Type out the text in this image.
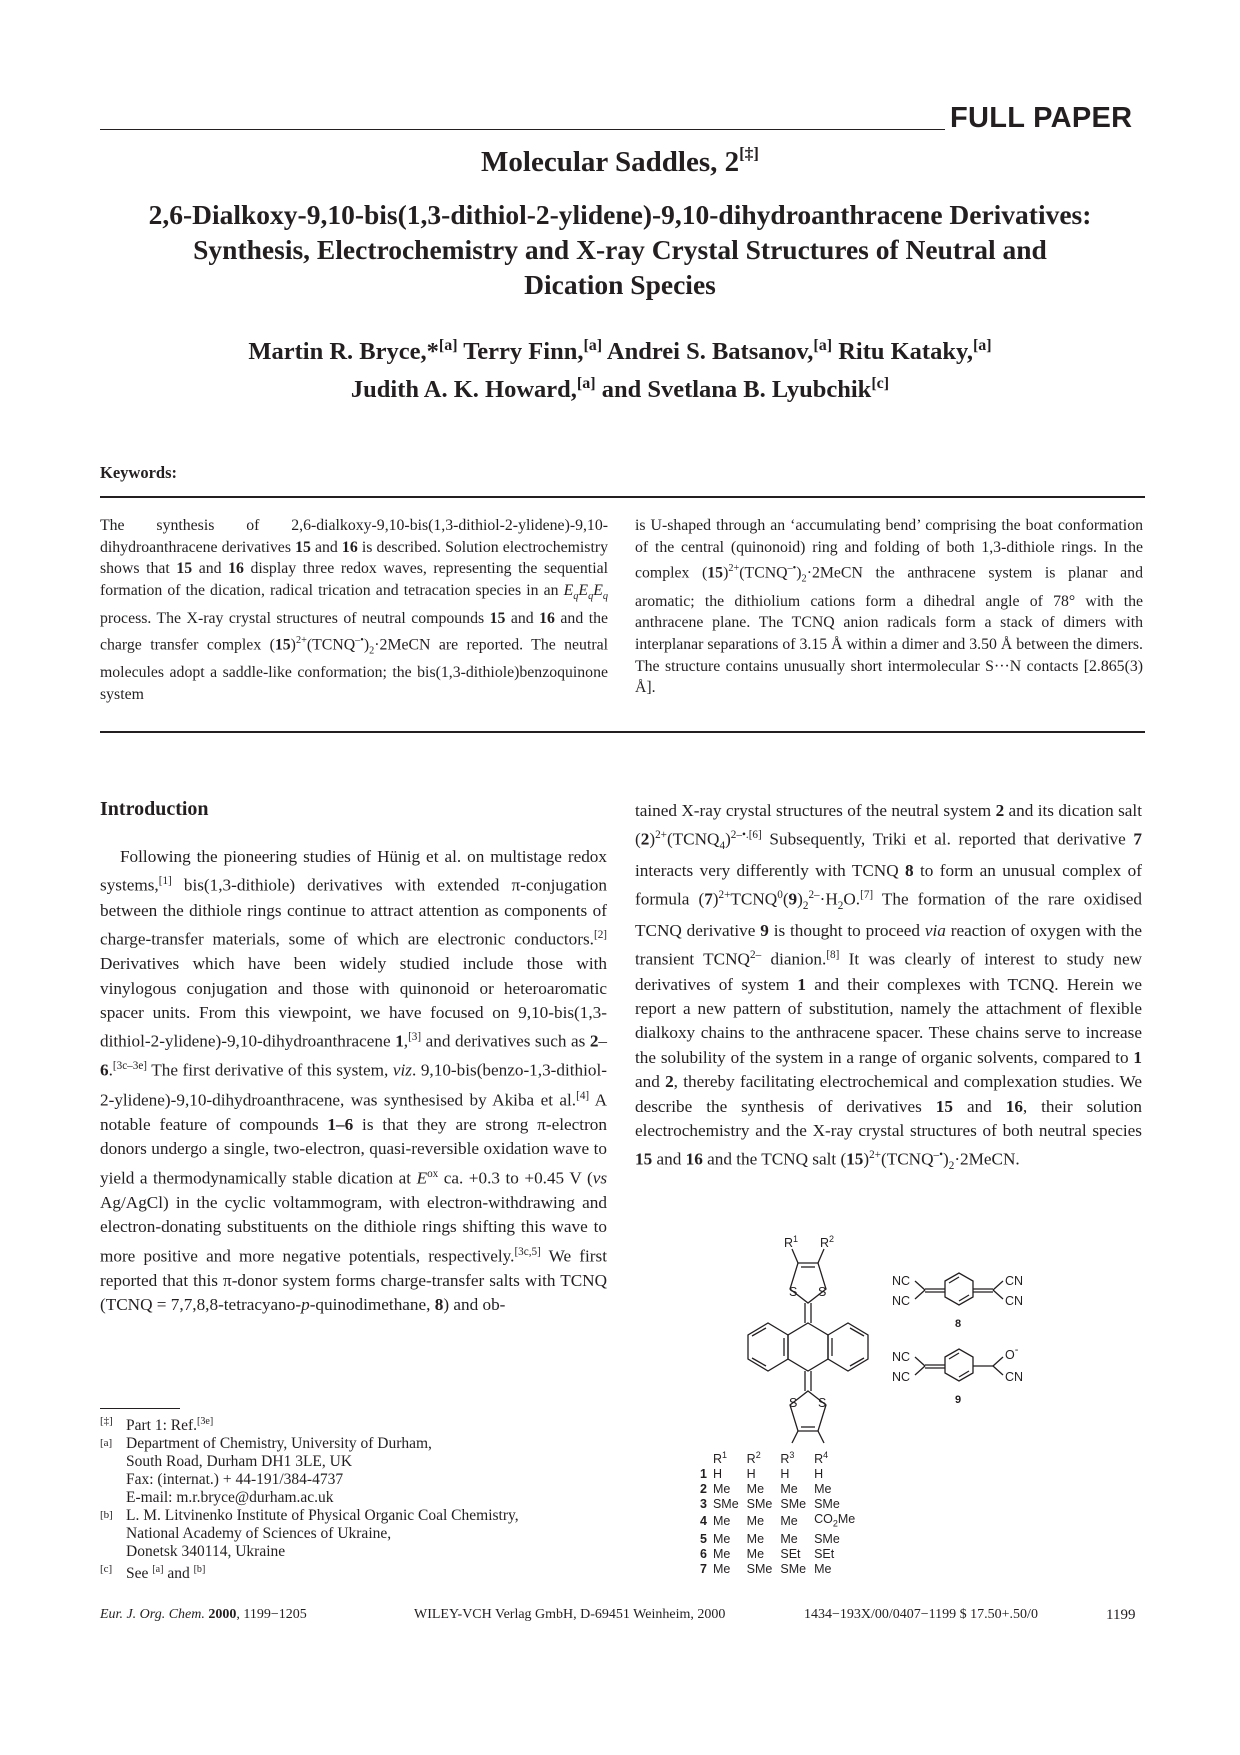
FULL PAPER
Molecular Saddles, 2[‡]
2,6-Dialkoxy-9,10-bis(1,3-dithiol-2-ylidene)-9,10-dihydroanthracene Derivatives:
Synthesis, Electrochemistry and X-ray Crystal Structures of Neutral and
Dication Species
Martin R. Bryce,*[a] Terry Finn,[a] Andrei S. Batsanov,[a] Ritu Kataky,[a]
Judith A. K. Howard,[a] and Svetlana B. Lyubchik[c]
Keywords:
The synthesis of 2,6-dialkoxy-9,10-bis(1,3-dithiol-2-ylidene)-9,10-dihydroanthracene derivatives 15 and 16 is described. Solution electrochemistry shows that 15 and 16 display three redox waves, representing the sequential formation of the dication, radical trication and tetracation species in an $E_qE_qE_q$ process. The X-ray crystal structures of neutral compounds 15 and 16 and the charge transfer complex $(15)^{2+}(TCNQ^{-•})_2\cdot 2MeCN$ are reported. The neutral molecules adopt a saddle-like conformation; the bis(1,3-dithiole)benzoquinone system
is U-shaped through an ‘accumulating bend’ comprising the boat conformation of the central (quinonoid) ring and folding of both 1,3-dithiole rings. In the complex $(15)^{2+}(TCNQ^{-•})_2\cdot 2MeCN$ the anthracene system is planar and aromatic; the dithiolium cations form a dihedral angle of 78° with the anthracene plane. The TCNQ anion radicals form a stack of dimers with interplanar separations of 3.15 Å within a dimer and 3.50 Å between the dimers. The structure contains unusually short intermolecular S···N contacts [2.865(3) Å].
Introduction

Following the pioneering studies of Hünig et al. on multistage redox systems,[1] bis(1,3-dithiole) derivatives with extended π-conjugation between the dithiole rings continue to attract attention as components of charge-transfer materials, some of which are electronic conductors.[2] Derivatives which have been widely studied include those with vinylogous conjugation and those with quinonoid or heteroaromatic spacer units. From this viewpoint, we have focused on 9,10-bis(1,3-dithiol-2-ylidene)-9,10-dihydroanthracene 1,[3] and derivatives such as 2–6.[3c–3e] The first derivative of this system, viz. 9,10-bis(benzo-1,3-dithiol-2-ylidene)-9,10-dihydroanthracene, was synthesised by Akiba et al.[4] A notable feature of compounds 1–6 is that they are strong π-electron donors undergo a single, two-electron, quasi-reversible oxidation wave to yield a thermodynamically stable dication at $E^{ox}$ ca. +0.3 to +0.45 V (vs Ag/AgCl) in the cyclic voltammogram, with electron-withdrawing and electron-donating substituents on the dithiole rings shifting this wave to more positive and more negative potentials, respectively.[3c,5] We first reported that this π-donor system forms charge-transfer salts with TCNQ (TCNQ = 7,7,8,8-tetracyano-p-quinodimethane, 8) and ob-

tained X-ray crystal structures of the neutral system 2 and its dication salt $(2)^{2+}(TCNQ_4)^{2-•.[6]}$ Subsequently, Triki et al. reported that derivative 7 interacts very differently with TCNQ 8 to form an unusual complex of formula $(7)^{2+}TCNQ^0(9)_2^{2-}\cdot H_2O.[7]$ The formation of the rare oxidised TCNQ derivative 9 is thought to proceed via reaction of oxygen with the transient $TCNQ^{2-}$ dianion.[8] It was clearly of interest to study new derivatives of system 1 and their complexes with TCNQ. Herein we report a new pattern of substitution, namely the attachment of flexible dialkoxy chains to the anthracene spacer. These chains serve to increase the solubility of the system in a range of organic solvents, compared to 1 and 2, thereby facilitating electrochemical and complexation studies. We describe the synthesis of derivatives 15 and 16, their solution electrochemistry and the X-ray crystal structures of both neutral species 15 and 16 and the TCNQ salt $(15)^{2+}(TCNQ^{-•})_2\cdot 2MeCN$.

$R^1$ $R^2$
S S
S S
NC
NC
CN
CN
8
NC
NC
O-
CN
9
	$R^1$	$R^2$	$R^3$	$R^4$
1	H	H	H	H
2	Me	Me	Me	Me
3	SMe	SMe	SMe	SMe
4	Me	Me	Me	$CO_2Me$
5	Me	Me	Me	SMe
6	Me	Me	SEt	SEt
7	Me	SMe	SMe	Me
[‡] Part 1: Ref.[3e]
[a] Department of Chemistry, University of Durham,
South Road, Durham DH1 3LE, UK
Fax: (internat.) + 44-191/384-4737
E-mail: m.r.bryce@durham.ac.uk
[b] L. M. Litvinenko Institute of Physical Organic Coal Chemistry,
National Academy of Sciences of Ukraine,
Donetsk 340114, Ukraine
[c] See [a] and [b]
Eur. J. Org. Chem. 2000, 1199−1205	WILEY-VCH Verlag GmbH, D-69451 Weinheim, 2000	1434−193X/00/0407−1199 $ 17.50+.50/0	1199
